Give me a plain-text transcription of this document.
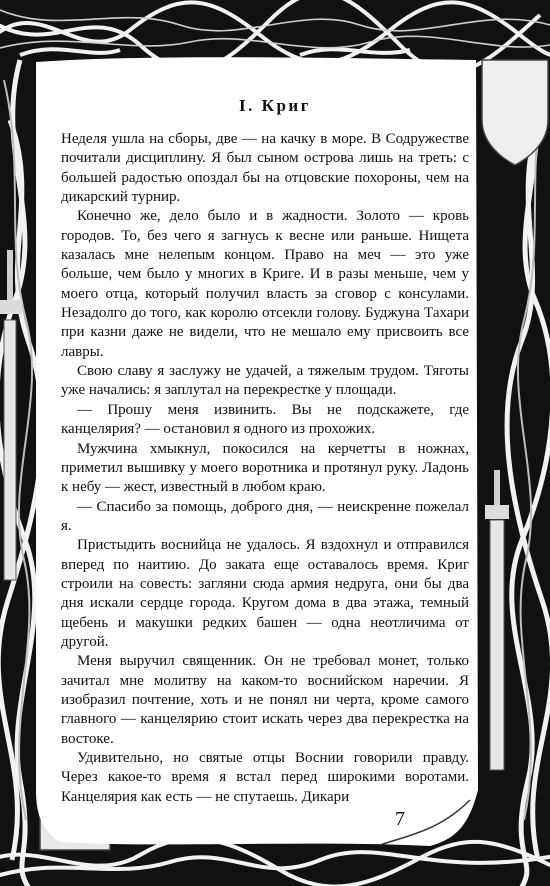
I. Криг

Неделя ушла на сборы, две — на качку в море. В Содружестве почитали дисциплину. Я был сыном острова лишь на треть: с большей радостью опоздал бы на отцовские похороны, чем на дикарский турнир.

Конечно же, дело было и в жадности. Золото — кровь городов. То, без чего я загнусь к весне или раньше. Нищета казалась мне нелепым концом. Право на меч — это уже больше, чем было у многих в Криге. И в разы меньше, чем у моего отца, который получил власть за сговор с консулами. Незадолго до того, как королю отсекли голову. Буджуна Тахари при казни даже не видели, что не мешало ему присвоить все лавры.

Свою славу я заслужу не удачей, а тяжелым трудом. Тяготы уже начались: я заплутал на перекрестке у площади.

— Прошу меня извинить. Вы не подскажете, где канцелярия? — остановил я одного из прохожих.

Мужчина хмыкнул, покосился на керчетты в ножнах, приметил вышивку у моего воротника и протянул руку. Ладонь к небу — жест, известный в любом краю.

— Спасибо за помощь, доброго дня, — неискренне пожелал я.

Пристыдить воснийца не удалось. Я вздохнул и отправился вперед по наитию. До заката еще оставалось время. Криг строили на совесть: загляни сюда армия недруга, они бы два дня искали сердце города. Кругом дома в два этажа, темный щебень и макушки редких башен — одна неотличима от другой.

Меня выручил священник. Он не требовал монет, только зачитал мне молитву на каком-то воснийском наречии. Я изобразил почтение, хоть и не понял ни черта, кроме самого главного — канцелярию стоит искать через два перекрестка на востоке.

Удивительно, но святые отцы Воснии говорили правду. Через какое-то время я встал перед широкими воротами. Канцелярия как есть — не спутаешь. Дикари

7
